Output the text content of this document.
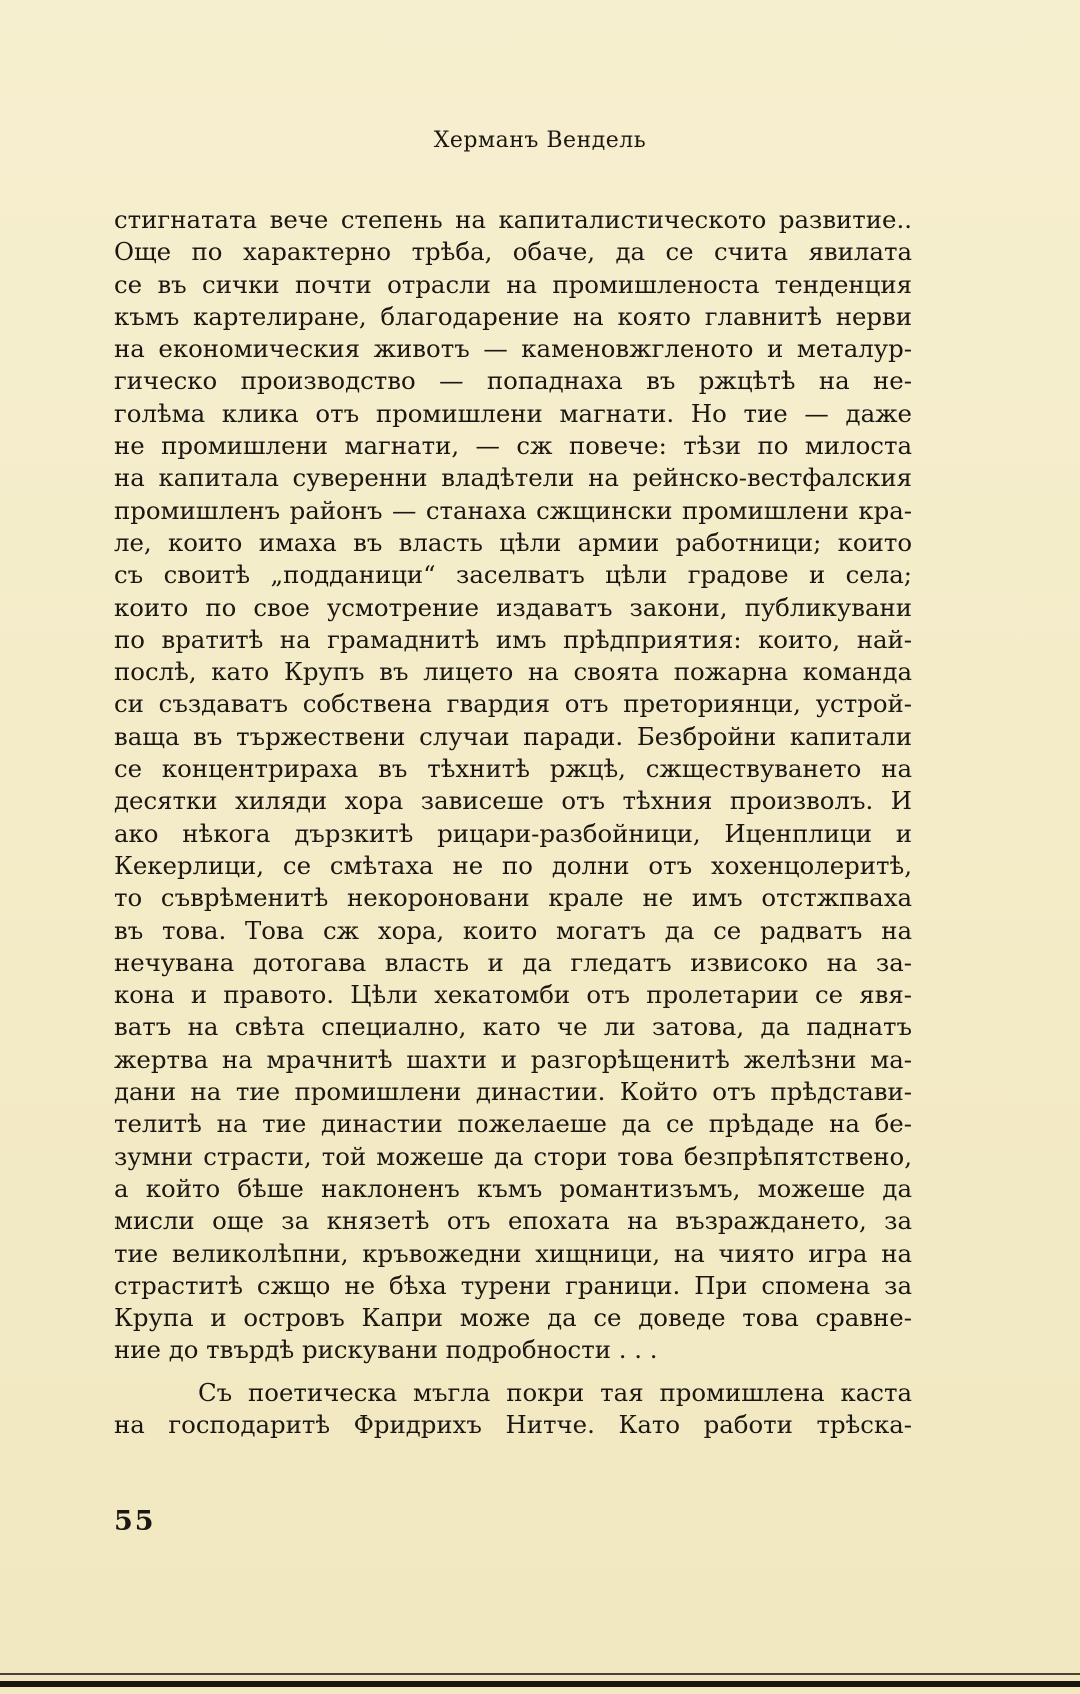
Херманъ Вендель
стигнатата вече степень на капиталистическото развитие..
Още по характерно трѣба, обаче, да се счита явилата
се въ сички почти отрасли на промишленоста тенденция
къмъ картелиране, благодарение на която главнитѣ нерви
на економическия животъ — каменовжгленото и металур-
гическо производство — попаднаха въ ржцѣтѣ на не-
голѣма клика отъ промишлени магнати. Но тие — даже
не промишлени магнати, — сж повече: тѣзи по милоста
на капитала суверенни владѣтели на рейнско-вестфалския
промишленъ районъ — станаха сжщински промишлени кра-
ле, които имаха въ власть цѣли армии работници; които
съ своитѣ „подданици“ заселватъ цѣли градове и села;
които по свое усмотрение издаватъ закони, публикувани
по вратитѣ на грамаднитѣ имъ прѣдприятия: които, най-
послѣ, като Крупъ въ лицето на своята пожарна команда
си създаватъ собствена гвардия отъ преториянци, устрой-
ваща въ тържествени случаи паради. Безбройни капитали
се концентрираха въ тѣхнитѣ ржцѣ, сжществуването на
десятки хиляди хора зависеше отъ тѣхния произволъ. И
ако нѣкога дързкитѣ рицари-разбойници, Иценплици и
Кекерлици, се смѣтаха не по долни отъ хохенцолеритѣ,
то съврѣменитѣ некоронoвани крале не имъ отстжпваха
въ това. Това сж хора, които могатъ да се радватъ на
нечувана дотогава власть и да гледатъ извисоко на за-
кона и правото. Цѣли хекатомби отъ пролетарии се явя-
ватъ на свѣта специално, като че ли затова, да паднатъ
жертва на мрачнитѣ шахти и разгорѣщенитѣ желѣзни ма-
дани на тие промишлени династии. Който отъ прѣдстави-
телитѣ на тие династии пожелаеше да се прѣдаде на бе-
зумни страсти, той можеше да стори това безпрѣпятствено,
а който бѣше наклоненъ къмъ романтизъмъ, можеше да
мисли още за князетѣ отъ епохата на възраждането, за
тие великолѣпни, кръвожедни хищници, на чиято игра на
страститѣ сжщо не бѣха турени граници. При спомена за
Крупа и островъ Капри може да се доведе това сравне-
ние до твърдѣ рискувани подробности . . .
Съ поетическа мъгла покри тая промишлена каста
на господаритѣ Фридрихъ Нитче. Като работи трѣска-
55
